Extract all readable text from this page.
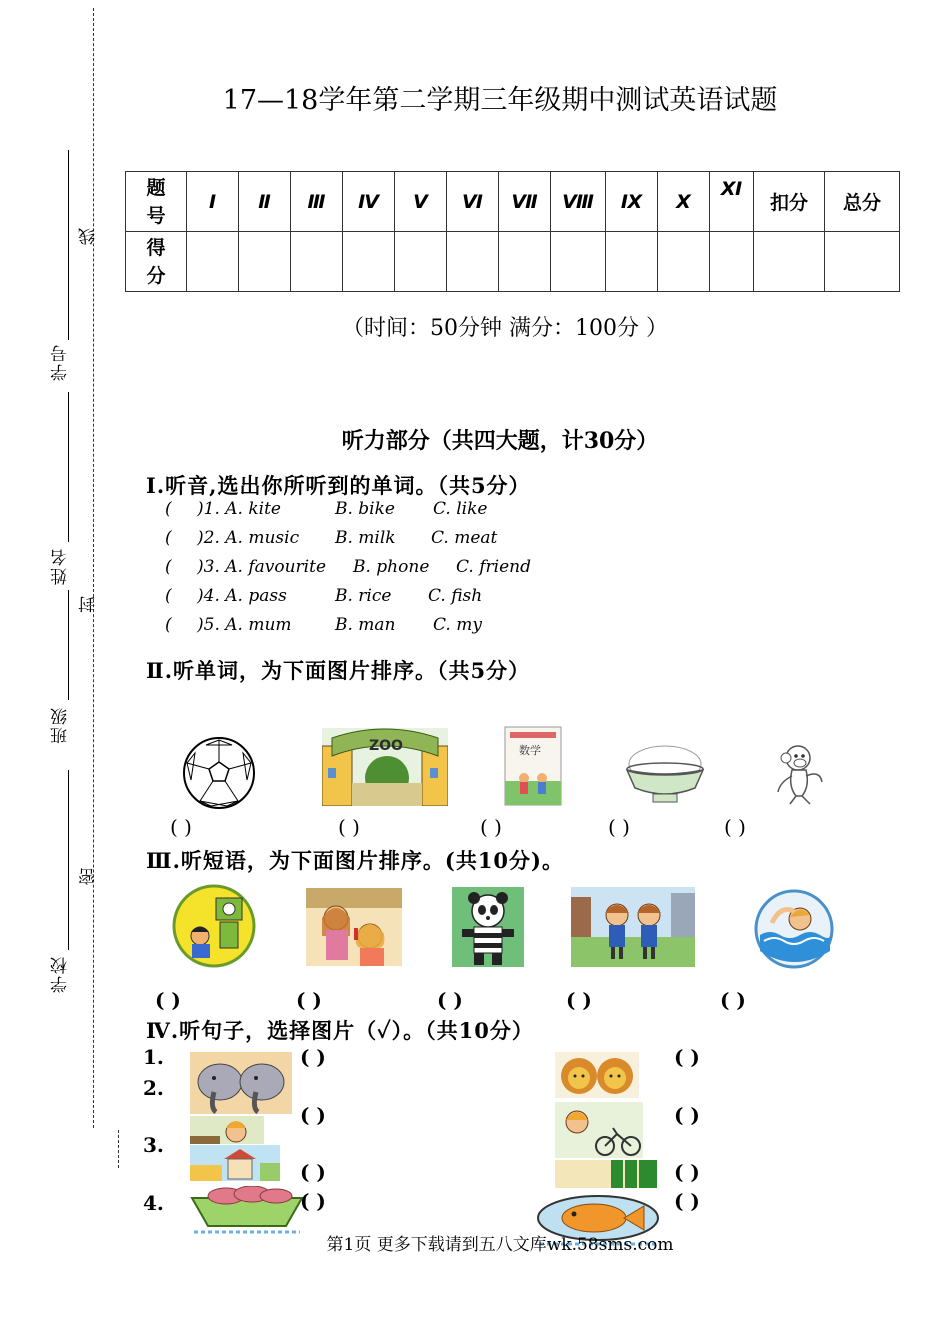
学号
姓名
班级
学校
线
封
密
17—18学年第二学期三年级期中测试英语试题
题号	Ⅰ	Ⅱ	Ⅲ	Ⅳ	Ⅴ	Ⅵ	Ⅶ	Ⅷ	Ⅸ	Ⅹ	Ⅺ	扣分	总分
得分													
（时间：50分钟 满分：100分 ）
听力部分（共四大题，计30分）
Ⅰ.听音,选出你所听到的单词。（共5分）
( )1. A. kite	B. bike C. like
( )2. A. music B. milk C. meat
( )3. A. favourite B. phone C. friend
( )4. A. pass	B. rice C. fish
( )5. A. mum	B. man C. my
Ⅱ.听单词，为下面图片排序。（共5分）
ZOO	数学
( )	( )	( )	( )	( )
Ⅲ.听短语，为下面图片排序。(共10分)。
( )	( )	( )	( )	( )
Ⅳ.听句子，选择图片（✓）。（共10分）
1.
2.
3.
4.
( )	( )
( )	( )
( )	( )
( )	( )
第1页 更多下载请到五八文库wk.58sms.com
